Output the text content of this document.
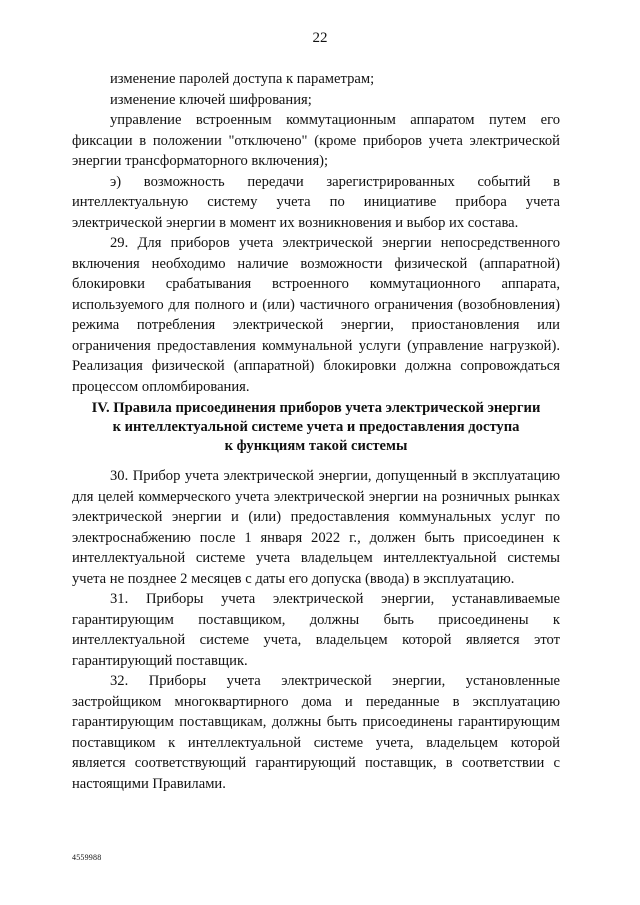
22

изменение паролей доступа к параметрам;

изменение ключей шифрования;

управление встроенным коммутационным аппаратом путем его фиксации в положении "отключено" (кроме приборов учета электрической энергии трансформаторного включения);

э) возможность передачи зарегистрированных событий в интеллектуальную систему учета по инициативе прибора учета электрической энергии в момент их возникновения и выбор их состава.

29. Для приборов учета электрической энергии непосредственного включения необходимо наличие возможности физической (аппаратной) блокировки срабатывания встроенного коммутационного аппарата, используемого для полного и (или) частичного ограничения (возобновления) режима потребления электрической энергии, приостановления или ограничения предоставления коммунальной услуги (управление нагрузкой). Реализация физической (аппаратной) блокировки должна сопровождаться процессом опломбирования.

IV. Правила присоединения приборов учета электрической энергии
к интеллектуальной системе учета и предоставления доступа
к функциям такой системы

30. Прибор учета электрической энергии, допущенный в эксплуатацию для целей коммерческого учета электрической энергии на розничных рынках электрической энергии и (или) предоставления коммунальных услуг по электроснабжению после 1 января 2022 г., должен быть присоединен к интеллектуальной системе учета владельцем интеллектуальной системы учета не позднее 2 месяцев с даты его допуска (ввода) в эксплуатацию.

31. Приборы учета электрической энергии, устанавливаемые гарантирующим поставщиком, должны быть присоединены к интеллектуальной системе учета, владельцем которой является этот гарантирующий поставщик.

32. Приборы учета электрической энергии, установленные застройщиком многоквартирного дома и переданные в эксплуатацию гарантирующим поставщикам, должны быть присоединены гарантирующим поставщиком к интеллектуальной системе учета, владельцем которой является соответствующий гарантирующий поставщик, в соответствии с настоящими Правилами.

4559988
